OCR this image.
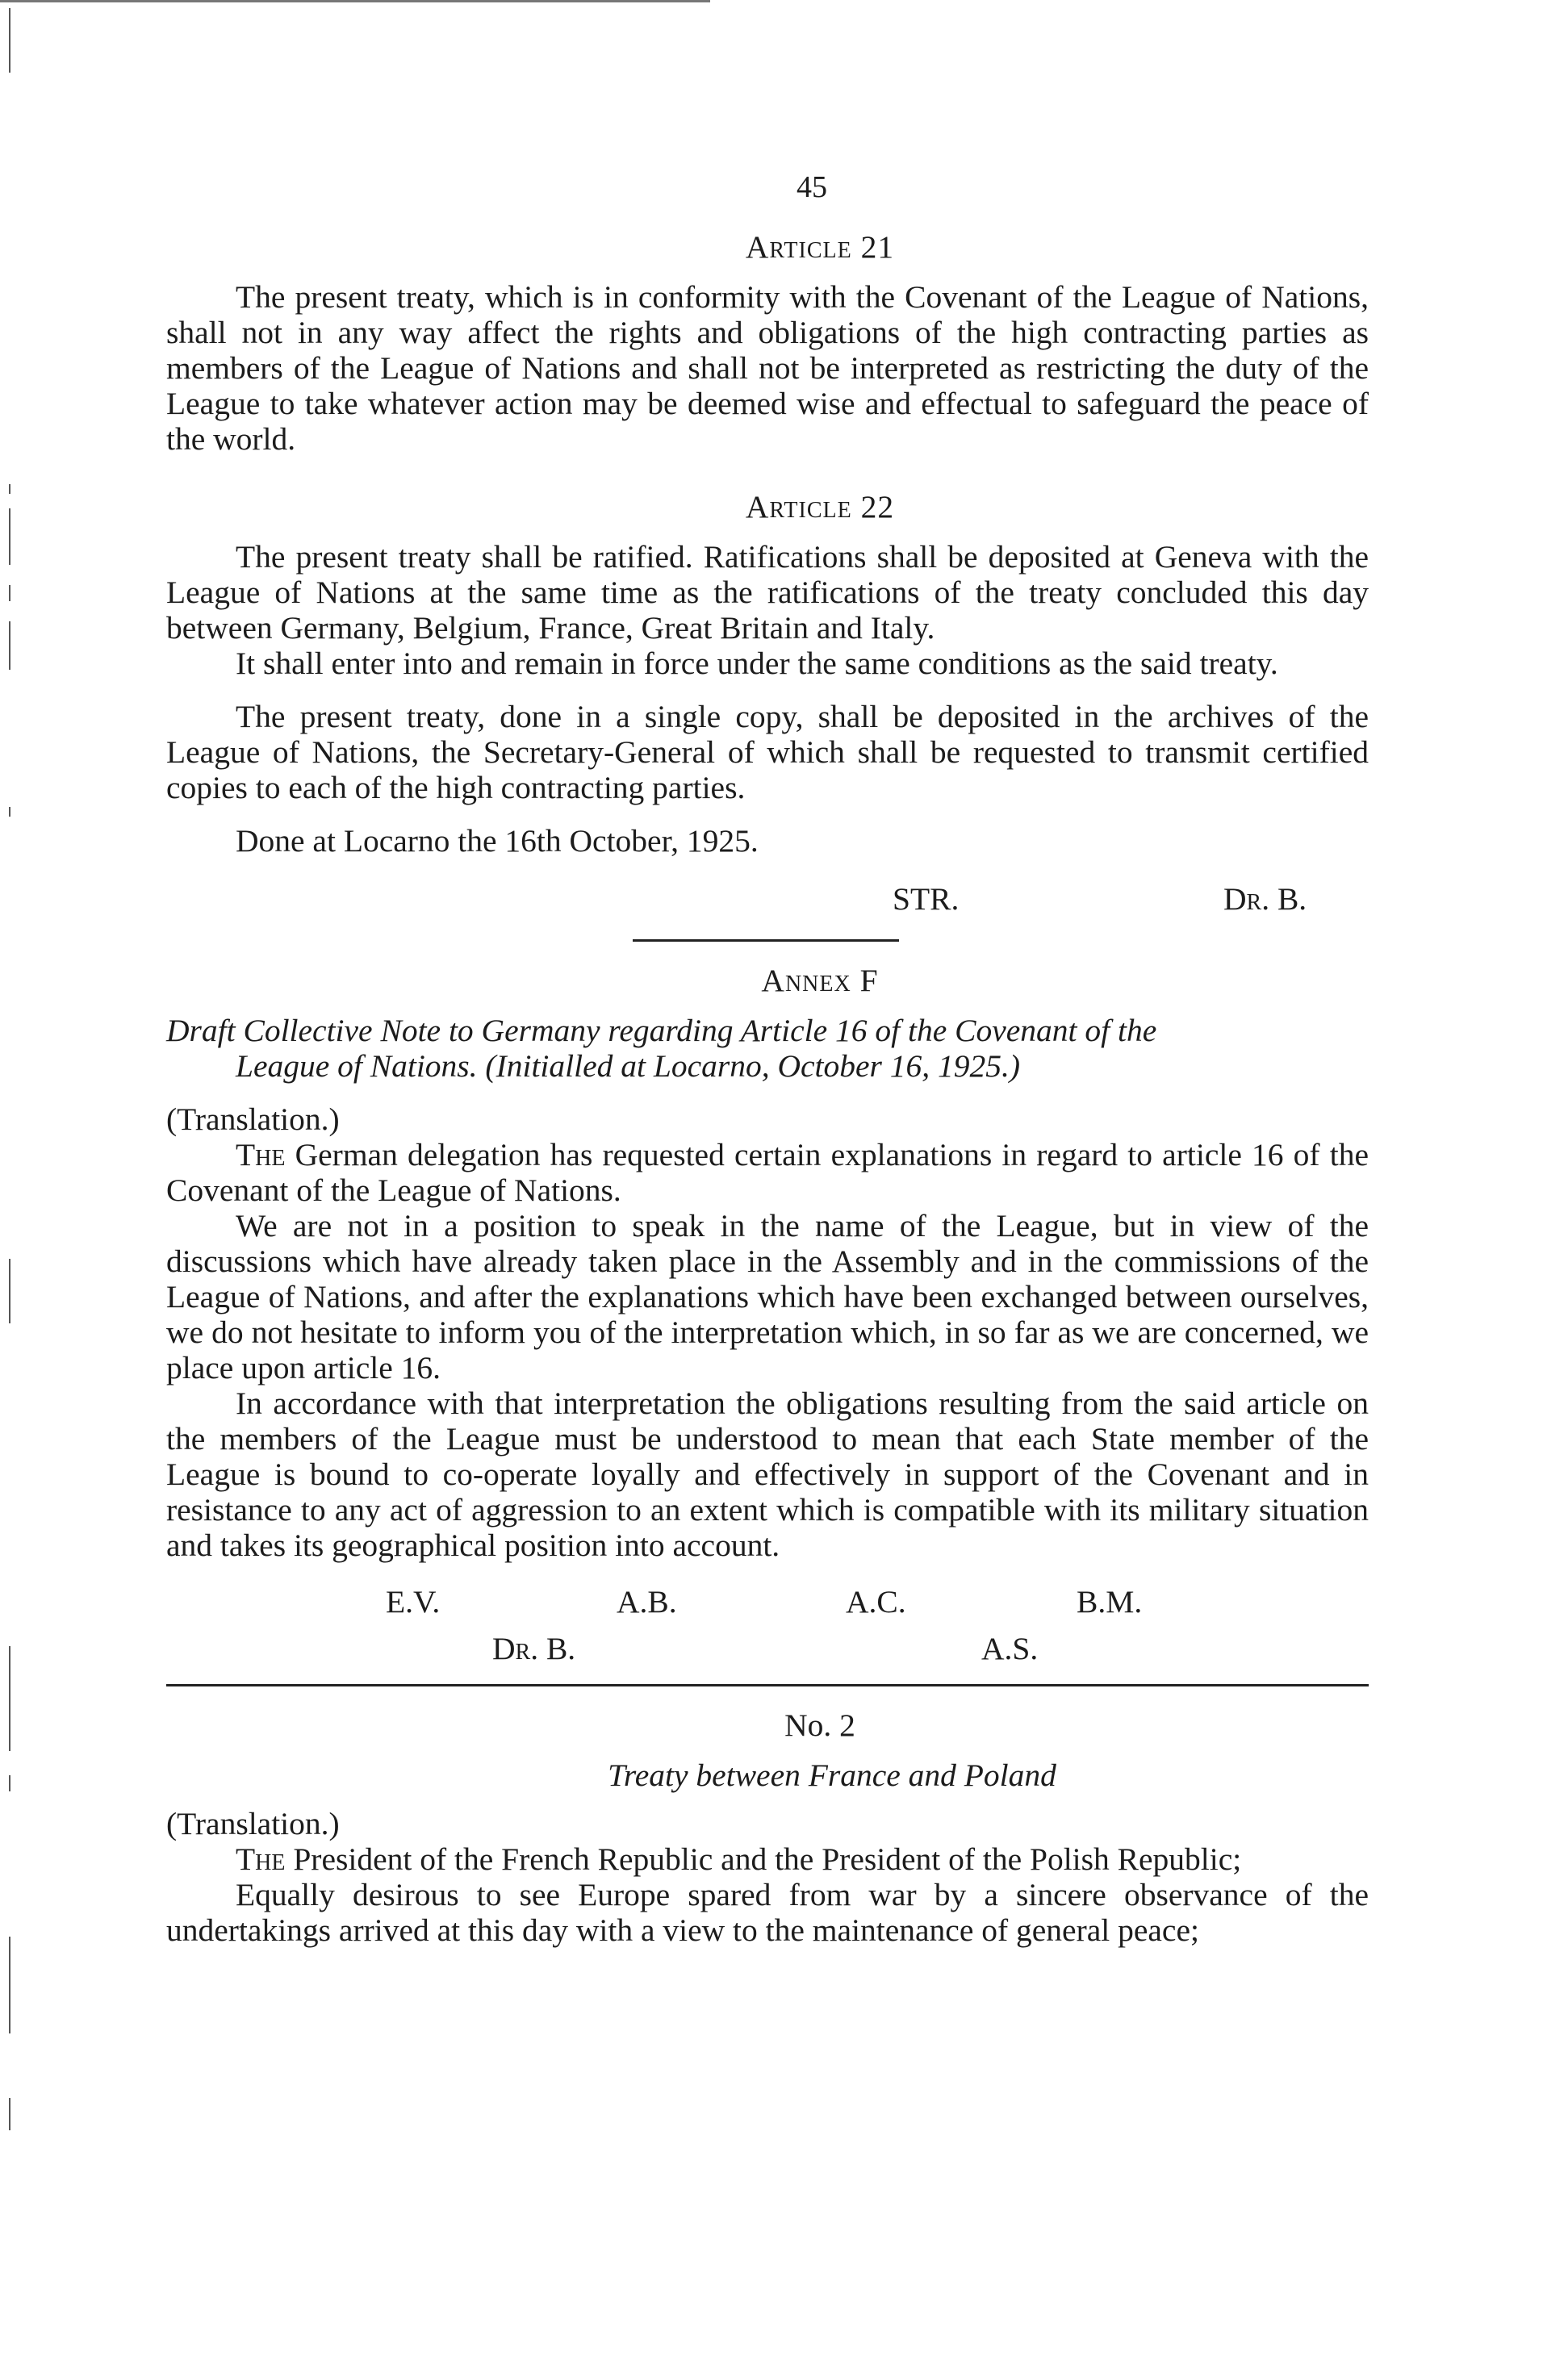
45
Article 21

The present treaty, which is in conformity with the Covenant of the League of Nations, shall not in any way affect the rights and obligations of the high contracting parties as members of the League of Nations and shall not be interpreted as restricting the duty of the League to take whatever action may be deemed wise and effectual to safeguard the peace of the world.

Article 22

The present treaty shall be ratified. Ratifications shall be deposited at Geneva with the League of Nations at the same time as the ratifications of the treaty concluded this day between Germany, Belgium, France, Great Britain and Italy.

It shall enter into and remain in force under the same conditions as the said treaty.

The present treaty, done in a single copy, shall be deposited in the archives of the League of Nations, the Secretary-General of which shall be requested to transmit certified copies to each of the high contracting parties.

Done at Locarno the 16th October, 1925.

STR.	Dr. B.
Annex F
Draft Collective Note to Germany regarding Article 16 of the Covenant of the
League of Nations. (Initialled at Locarno, October 16, 1925.)

(Translation.)

The German delegation has requested certain explanations in regard to article 16 of the Covenant of the League of Nations.

We are not in a position to speak in the name of the League, but in view of the discussions which have already taken place in the Assembly and in the commissions of the League of Nations, and after the explanations which have been exchanged between ourselves, we do not hesitate to inform you of the interpretation which, in so far as we are concerned, we place upon article 16.

In accordance with that interpretation the obligations resulting from the said article on the members of the League must be understood to mean that each State member of the League is bound to co-operate loyally and effectively in support of the Covenant and in resistance to any act of aggression to an extent which is compatible with its military situation and takes its geographical position into account.

E.V.	A.B.	A.C.	B.M.
Dr. B.	A.S.
No. 2
Treaty between France and Poland

(Translation.)

The President of the French Republic and the President of the Polish Republic;

Equally desirous to see Europe spared from war by a sincere observance of the undertakings arrived at this day with a view to the maintenance of general peace;
